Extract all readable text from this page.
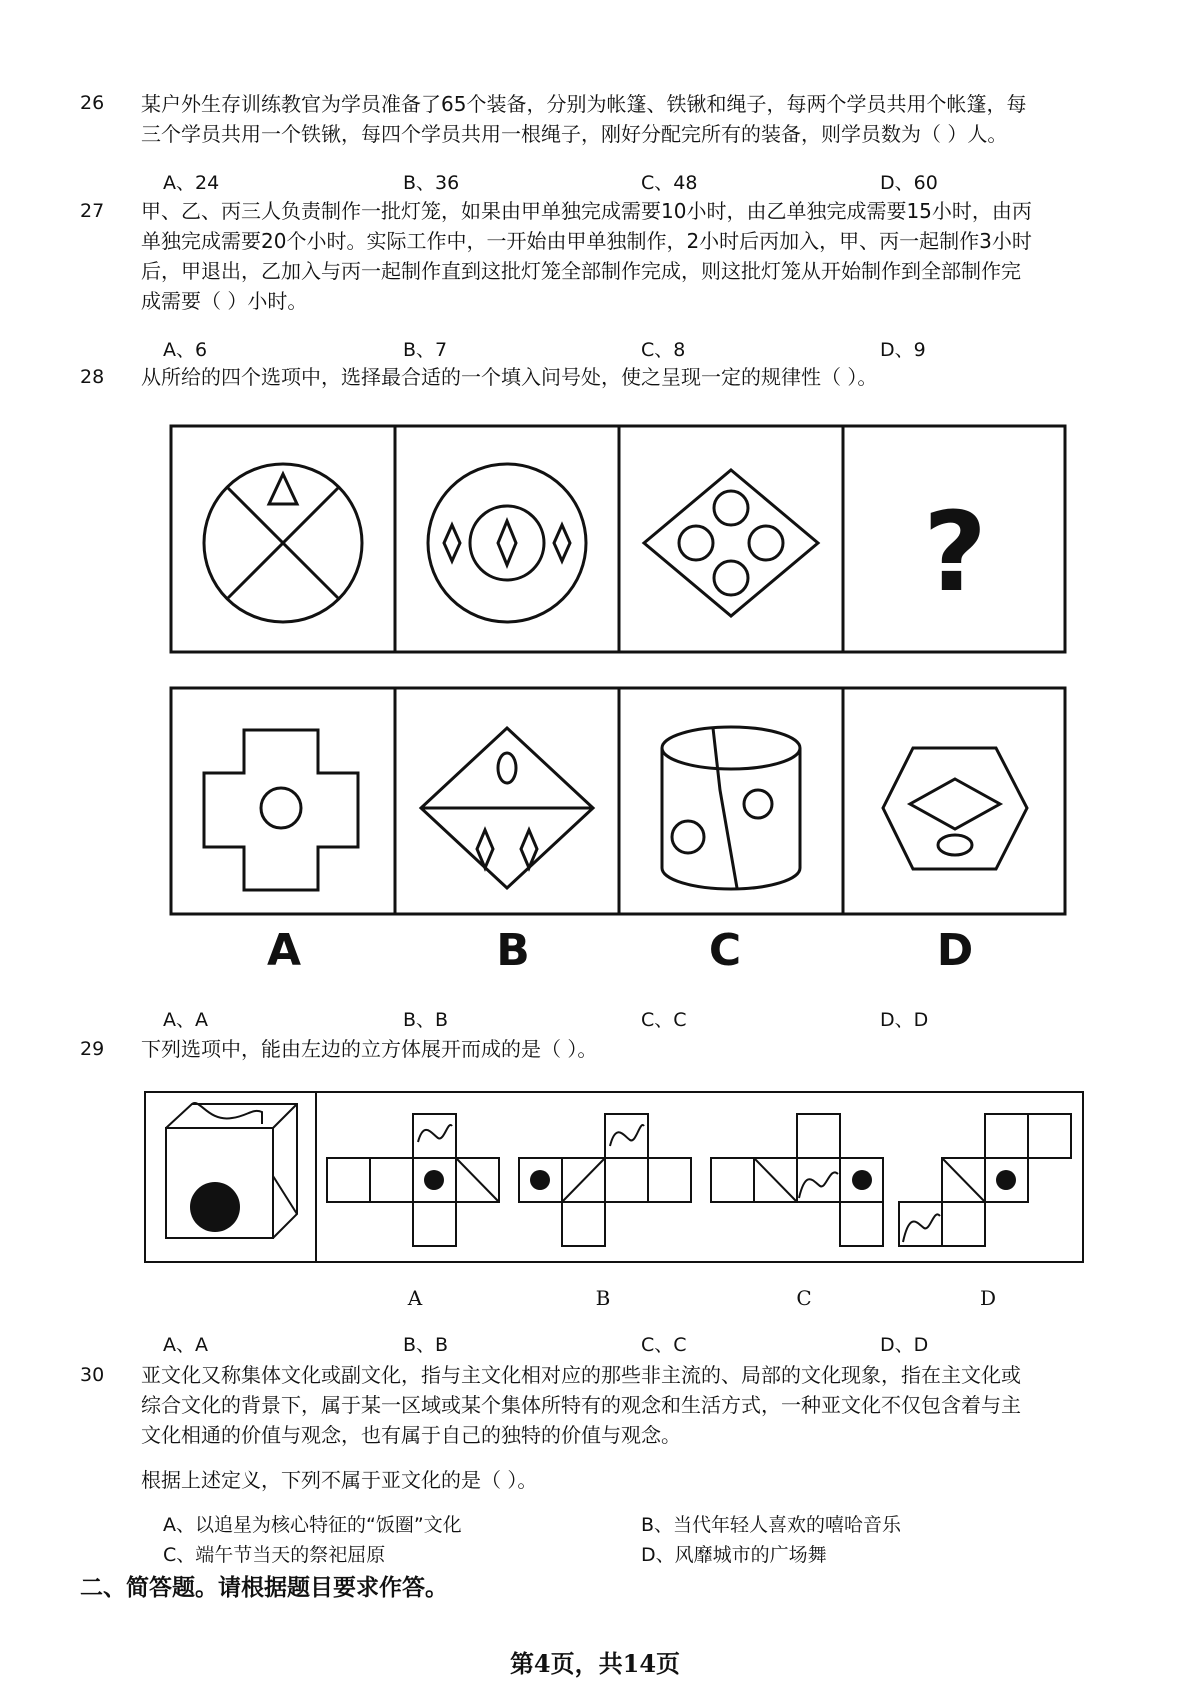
26 某户外生存训练教官为学员准备了65个装备，分别为帐篷、铁锹和绳子，每两个学员共用个帐篷，每
三个学员共用一个铁锹，每四个学员共用一根绳子，刚好分配完所有的装备，则学员数为（ ）人。
A、24	B、36	C、48	D、60
27 甲、乙、丙三人负责制作一批灯笼，如果由甲单独完成需要10小时，由乙单独完成需要15小时，由丙
单独完成需要20个小时。实际工作中，一开始由甲单独制作，2小时后丙加入，甲、丙一起制作3小时
后，甲退出，乙加入与丙一起制作直到这批灯笼全部制作完成，则这批灯笼从开始制作到全部制作完
成需要（ ）小时。
A、6	B、7	C、8	D、9
28 从所给的四个选项中，选择最合适的一个填入问号处，使之呈现一定的规律性（ ）。
?
A	B	C	D
A、A	B、B	C、C	D、D
29 下列选项中，能由左边的立方体展开而成的是（ ）。
A	B	C	D
A、A	B、B	C、C	D、D
30 亚文化又称集体文化或副文化，指与主文化相对应的那些非主流的、局部的文化现象，指在主文化或
综合文化的背景下，属于某一区域或某个集体所特有的观念和生活方式，一种亚文化不仅包含着与主
文化相通的价值与观念，也有属于自己的独特的价值与观念。
根据上述定义，下列不属于亚文化的是（ ）。
A、以追星为核心特征的“饭圈”文化	B、当代年轻人喜欢的嘻哈音乐
C、端午节当天的祭祀屈原	D、风靡城市的广场舞
二、简答题。请根据题目要求作答。
第4页，共14页
